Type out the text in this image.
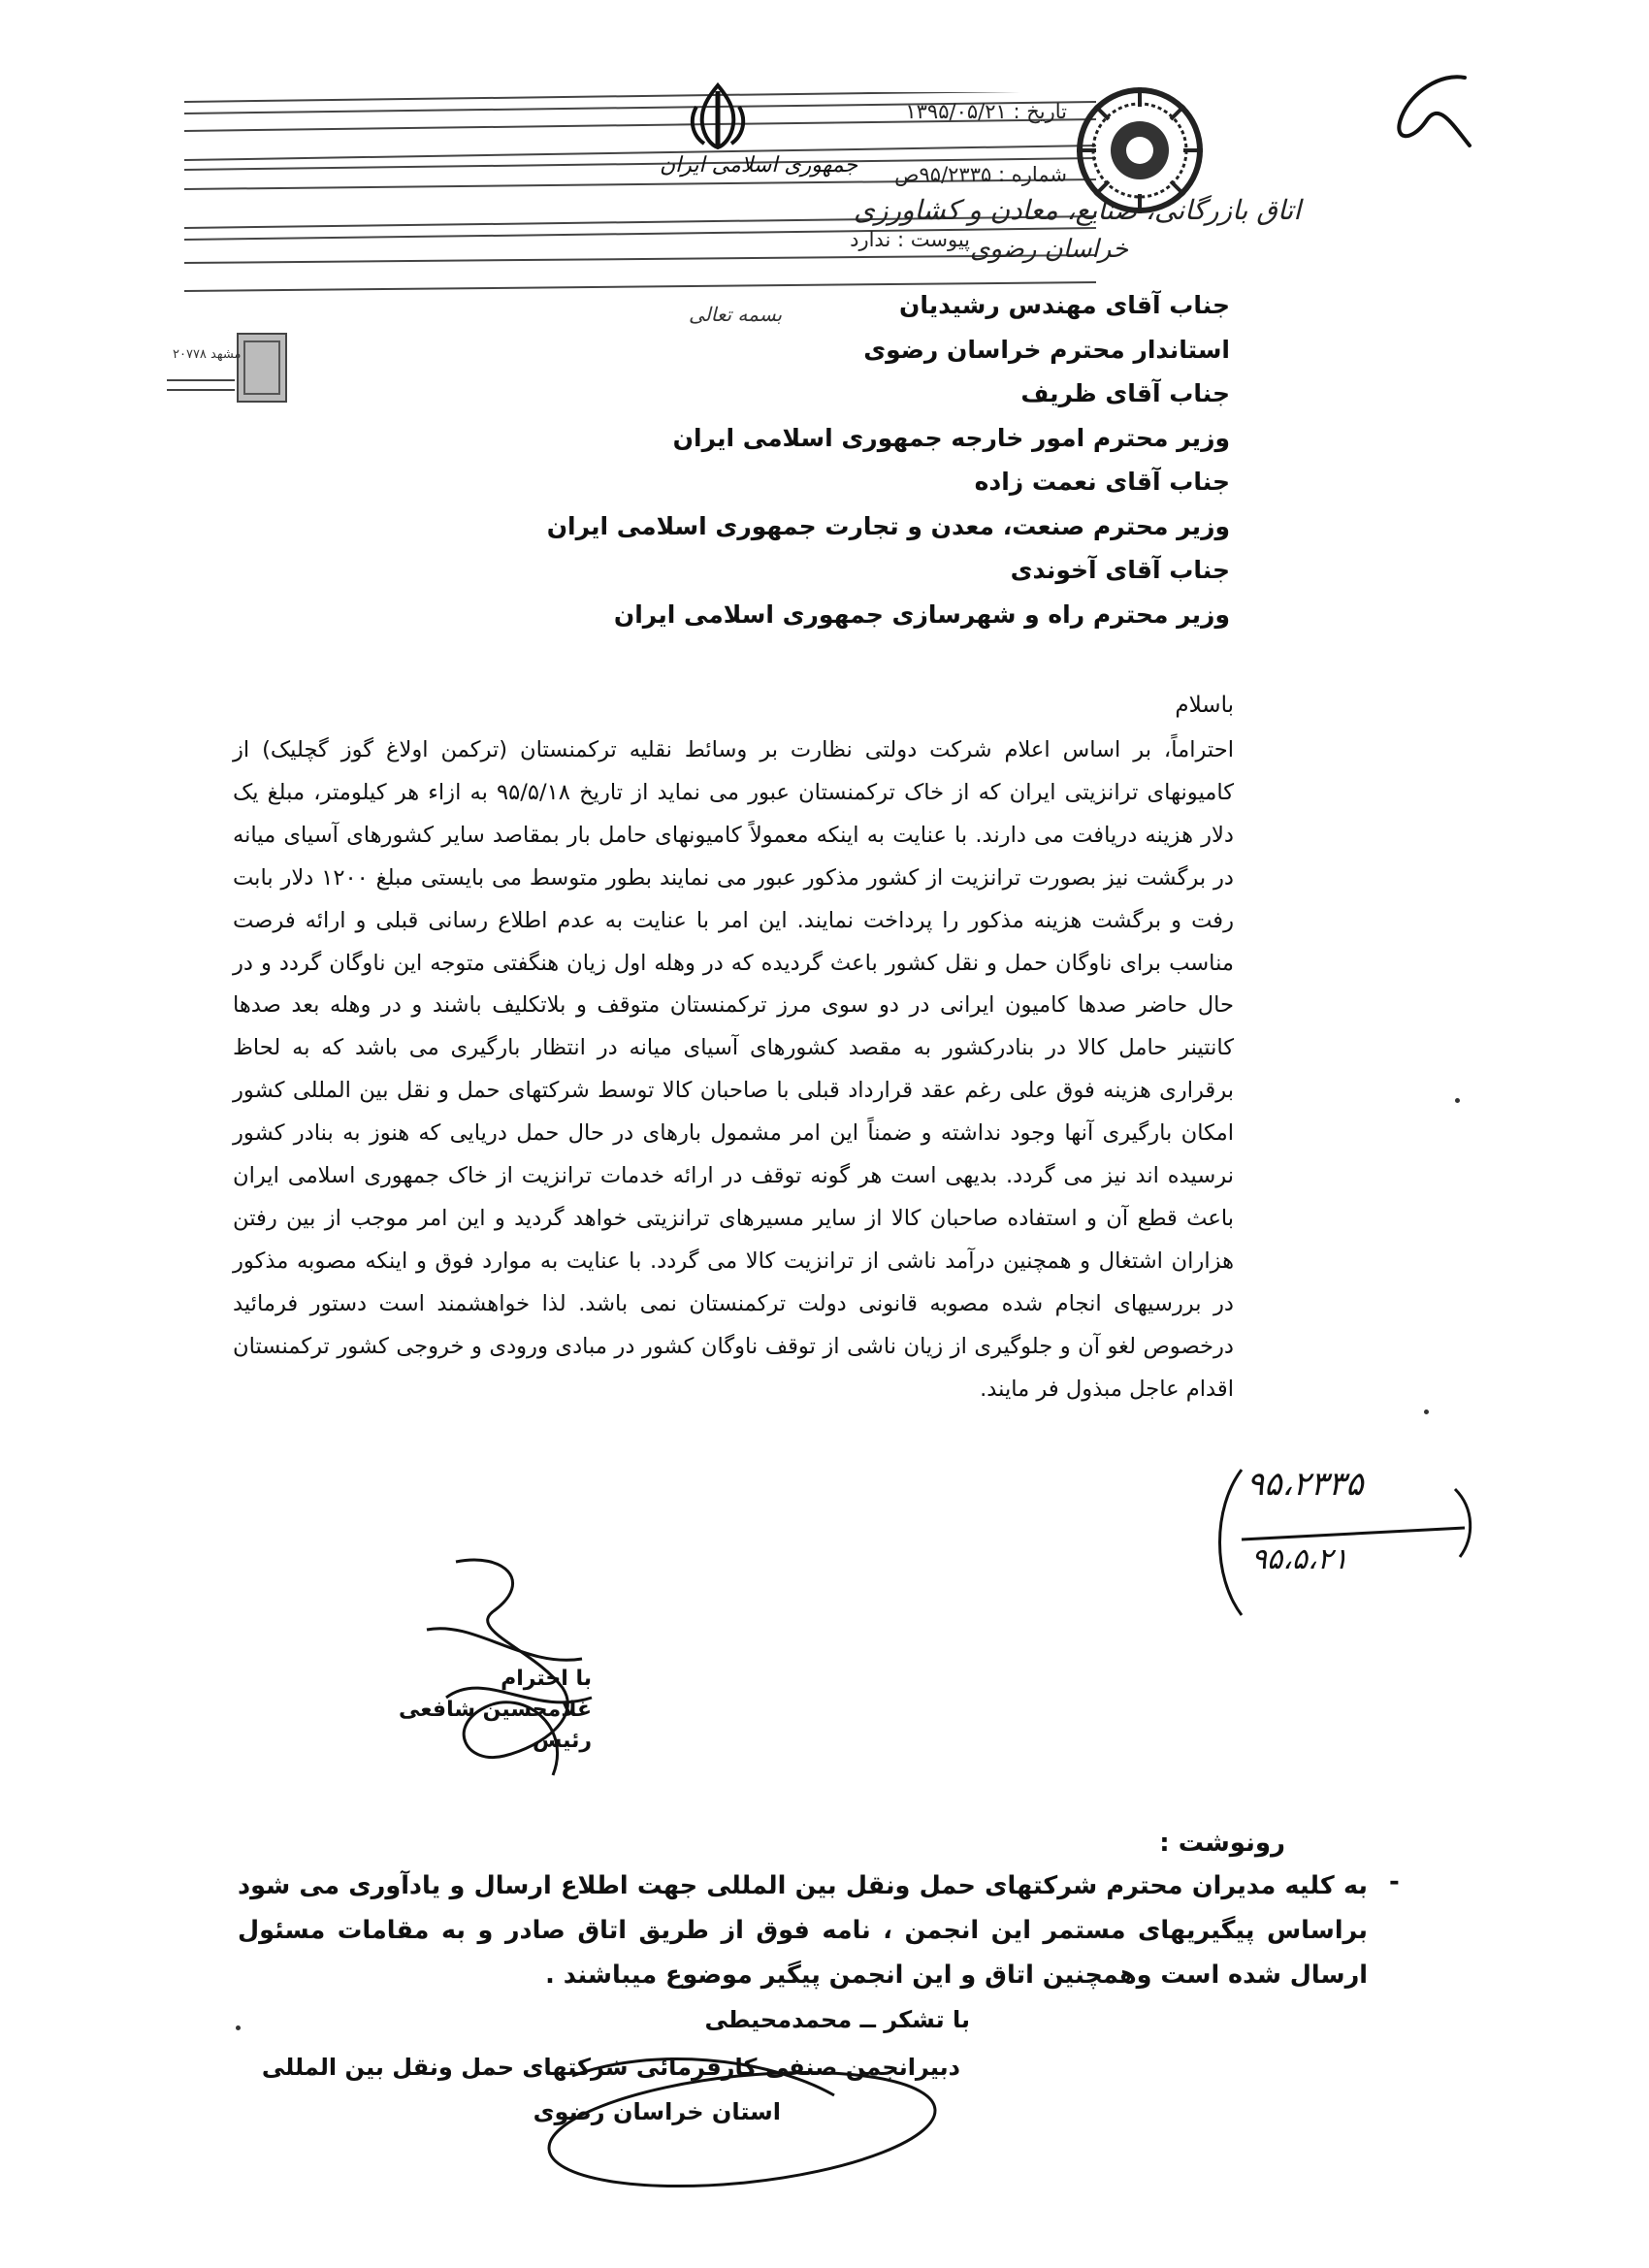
جمهوری اسلامی ایران
اتاق بازرگانی، صنایع، معادن و کشاورزی
خراسان رضوی
تاریخ : ۱۳۹۵/۰۵/۲۱
شماره : ۹۵/۲۳۳۵ص
پیوست : ندارد
مشهد ۲۰۷۷۸
بسمه تعالی	جناب آقای مهندس رشیدیان
استاندار محترم خراسان رضوی
جناب آقای ظریف
وزیر محترم امور خارجه جمهوری اسلامی ایران
جناب آقای نعمت زاده
وزیر محترم صنعت، معدن و تجارت جمهوری اسلامی ایران
جناب آقای آخوندی
وزیر محترم راه و شهرسازی جمهوری اسلامی ایران
باسلام
احتراماً، بر اساس اعلام شرکت دولتی نظارت بر وسائط نقلیه ترکمنستان (ترکمن اولاغ گوز گچلیک) از کامیونهای ترانزیتی ایران که از خاک ترکمنستان عبور می نماید از تاریخ ۹۵/۵/۱۸ به ازاء هر کیلومتر، مبلغ یک دلار هزینه دریافت می دارند. با عنایت به اینکه معمولاً کامیونهای حامل بار بمقاصد سایر کشورهای آسیای میانه در برگشت نیز بصورت ترانزیت از کشور مذکور عبور می نمایند بطور متوسط می بایستی مبلغ ۱۲۰۰ دلار بابت رفت و برگشت هزینه مذکور را پرداخت نمایند. این امر با عنایت به عدم اطلاع رسانی قبلی و ارائه فرصت مناسب برای ناوگان حمل و نقل کشور باعث گردیده که در وهله اول زیان هنگفتی متوجه این ناوگان گردد و در حال حاضر صدها کامیون ایرانی در دو سوی مرز ترکمنستان متوقف و بلاتکلیف باشند و در وهله بعد صدها کانتینر حامل کالا در بنادرکشور به مقصد کشورهای آسیای میانه در انتظار بارگیری می باشد که به لحاظ برقراری هزینه فوق علی رغم عقد قرارداد قبلی با صاحبان کالا توسط شرکتهای حمل و نقل بین المللی کشور امکان بارگیری آنها وجود نداشته و ضمناً این امر مشمول بارهای در حال حمل دریایی که هنوز به بنادر کشور نرسیده اند نیز می گردد. بدیهی است هر گونه توقف در ارائه خدمات ترانزیت از خاک جمهوری اسلامی ایران باعث قطع آن و استفاده صاحبان کالا از سایر مسیرهای ترانزیتی خواهد گردید و این امر موجب از بین رفتن هزاران اشتغال و همچنین درآمد ناشی از ترانزیت کالا می گردد. با عنایت به موارد فوق و اینکه مصوبه مذکور در بررسیهای انجام شده مصوبه قانونی دولت ترکمنستان نمی باشد. لذا خواهشمند است دستور فرمائید درخصوص لغو آن و جلوگیری از زیان ناشی از توقف ناوگان کشور در مبادی ورودی و خروجی کشور ترکمنستان اقدام عاجل مبذول فر مایند.
با احترام
غلامحسین شافعی
رئیس
۹۵،۲۳۳۵
۹۵،۵،۲۱
رونوشت :
-
به کلیه مدیران محترم شرکتهای حمل ونقل بین المللی جهت اطلاع ارسال و یادآوری می شود براساس پیگیریهای مستمر این انجمن ، نامه فوق از طریق اتاق صادر و به مقامات مسئول ارسال شده است وهمچنین اتاق و این انجمن پیگیر موضوع میباشند .
با تشکر ــ محمدمحیطی
دبیرانجمن صنفی کارفرمائی شرکتهای حمل ونقل بین المللی
استان خراسان رضوی
